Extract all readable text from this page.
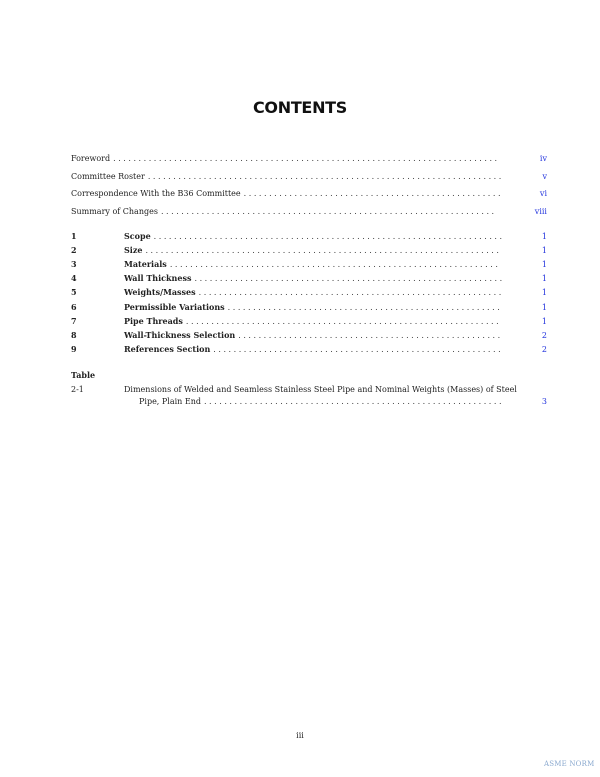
CONTENTS
Foreword . . . . . . . . . . . . . . . . . . . . . . . . . . . . . . . . . . . . . . . . . . . . . . . . . . . . . . . . . . . . . . . . . . . . . . . . . . . .	iv
Committee Roster . . . . . . . . . . . . . . . . . . . . . . . . . . . . . . . . . . . . . . . . . . . . . . . . . . . . . . . . . . . . . . . . . . . . . .	v
Correspondence With the B36 Committee . . . . . . . . . . . . . . . . . . . . . . . . . . . . . . . . . . . . . . . . . . . . . . . . . . .	vi
Summary of Changes . . . . . . . . . . . . . . . . . . . . . . . . . . . . . . . . . . . . . . . . . . . . . . . . . . . . . . . . . . . . . . . . . .	viii
1	Scope . . . . . . . . . . . . . . . . . . . . . . . . . . . . . . . . . . . . . . . . . . . . . . . . . . . . . . . . . . . . . . . . . . . . .	1
2	Size . . . . . . . . . . . . . . . . . . . . . . . . . . . . . . . . . . . . . . . . . . . . . . . . . . . . . . . . . . . . . . . . . . . . . .	1
3	Materials . . . . . . . . . . . . . . . . . . . . . . . . . . . . . . . . . . . . . . . . . . . . . . . . . . . . . . . . . . . . . . . . .	1
4	Wall Thickness . . . . . . . . . . . . . . . . . . . . . . . . . . . . . . . . . . . . . . . . . . . . . . . . . . . . . . . . . . . . .	1
5	Weights/Masses . . . . . . . . . . . . . . . . . . . . . . . . . . . . . . . . . . . . . . . . . . . . . . . . . . . . . . . . . . . .	1
6	Permissible Variations . . . . . . . . . . . . . . . . . . . . . . . . . . . . . . . . . . . . . . . . . . . . . . . . . . . . . .	1
7	Pipe Threads . . . . . . . . . . . . . . . . . . . . . . . . . . . . . . . . . . . . . . . . . . . . . . . . . . . . . . . . . . . . . .	1
8	Wall-Thickness Selection . . . . . . . . . . . . . . . . . . . . . . . . . . . . . . . . . . . . . . . . . . . . . . . . . . . .	2
9	References Section . . . . . . . . . . . . . . . . . . . . . . . . . . . . . . . . . . . . . . . . . . . . . . . . . . . . . . . . .	2
Table
2-1	Dimensions of Welded and Seamless Stainless Steel Pipe and Nominal Weights (Masses) of Steel
Pipe, Plain End . . . . . . . . . . . . . . . . . . . . . . . . . . . . . . . . . . . . . . . . . . . . . . . . . . . . . . . . . . .	3
iii
ASME NORM
